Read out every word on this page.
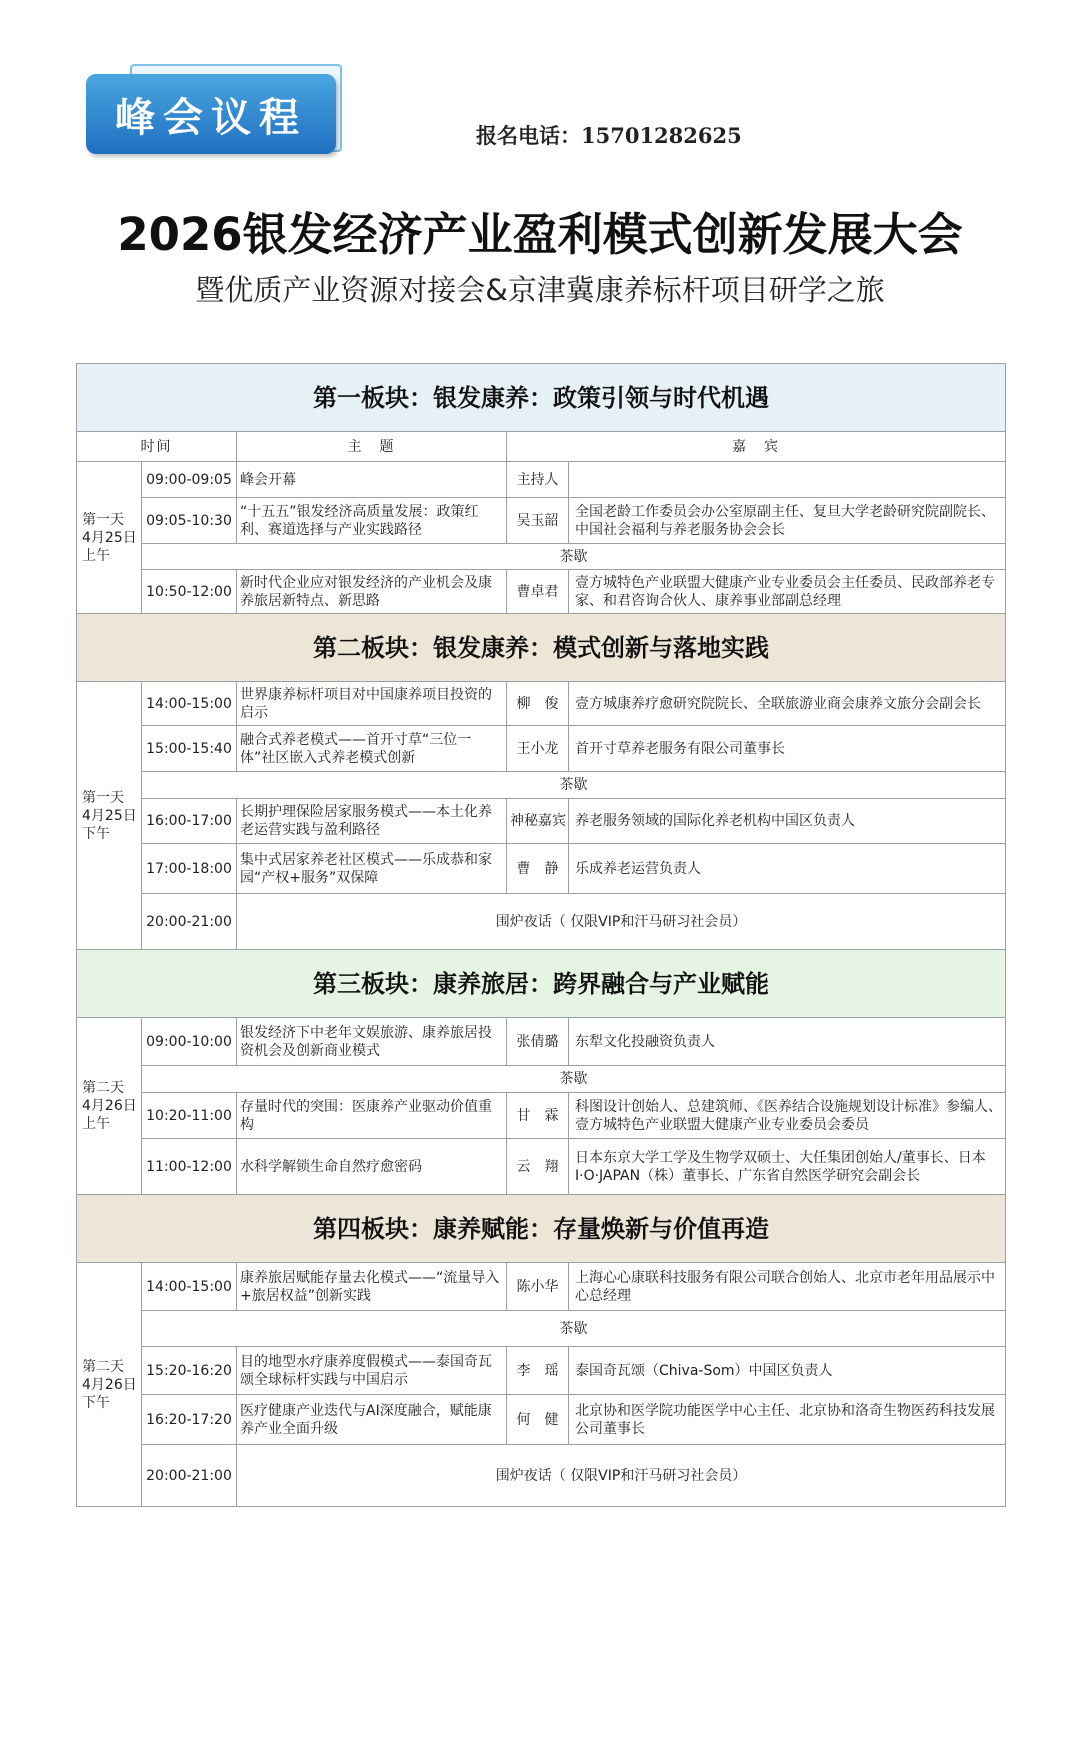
峰会议程	报名电话：15701282625
2026银发经济产业盈利模式创新发展大会
暨优质产业资源对接会&京津冀康养标杆项目研学之旅
第一板块：银发康养：政策引领与时代机遇				
时间		主　题	嘉　宾	
第一天
4月25日
上午	09:00-09:05	峰会开幕	主持人	
	09:05-10:30	“十五五”银发经济高质量发展：政策红利、赛道选择与产业实践路径	吴玉韶	全国老龄工作委员会办公室原副主任、复旦大学老龄研究院副院长、中国社会福利与养老服务协会会长
	茶歇			
	10:50-12:00	新时代企业应对银发经济的产业机会及康养旅居新特点、新思路	曹卓君	壹方城特色产业联盟大健康产业专业委员会主任委员、民政部养老专家、和君咨询合伙人、康养事业部副总经理
第二板块：银发康养：模式创新与落地实践				
第一天
4月25日
下午	14:00-15:00	世界康养标杆项目对中国康养项目投资的启示	柳　俊	壹方城康养疗愈研究院院长、全联旅游业商会康养文旅分会副会长
	15:00-15:40	融合式养老模式——首开寸草“三位一体”社区嵌入式养老模式创新	王小龙	首开寸草养老服务有限公司董事长
	茶歇			
	16:00-17:00	长期护理保险居家服务模式——本土化养老运营实践与盈利路径	神秘嘉宾	养老服务领域的国际化养老机构中国区负责人
	17:00-18:00	集中式居家养老社区模式——乐成恭和家园“产权+服务”双保障	曹　静	乐成养老运营负责人
	20:00-21:00	围炉夜话（ 仅限VIP和汗马研习社会员）		
第三板块：康养旅居：跨界融合与产业赋能				
第二天
4月26日
上午	09:00-10:00	银发经济下中老年文娱旅游、康养旅居投资机会及创新商业模式	张倩璐	东犁文化投融资负责人
	茶歇			
	10:20-11:00	存量时代的突围：医康养产业驱动价值重构	甘　霖	科图设计创始人、总建筑师、《医养结合设施规划设计标准》参编人、壹方城特色产业联盟大健康产业专业委员会委员
	11:00-12:00	水科学解锁生命自然疗愈密码	云　翔	日本东京大学工学及生物学双硕士、大任集团创始人/董事长、日本I·O·JAPAN（株）董事长、广东省自然医学研究会副会长
第四板块：康养赋能：存量焕新与价值再造				
第二天
4月26日
下午	14:00-15:00	康养旅居赋能存量去化模式——“流量导入+旅居权益”创新实践	陈小华	上海心心康联科技服务有限公司联合创始人、北京市老年用品展示中心总经理
	茶歇			
	15:20-16:20	目的地型水疗康养度假模式——泰国奇瓦颂全球标杆实践与中国启示	李　瑶	泰国奇瓦颂（Chiva-Som）中国区负责人
	16:20-17:20	医疗健康产业迭代与AI深度融合，赋能康养产业全面升级	何　健	北京协和医学院功能医学中心主任、北京协和洛奇生物医药科技发展公司董事长
	20:00-21:00	围炉夜话（ 仅限VIP和汗马研习社会员）		
